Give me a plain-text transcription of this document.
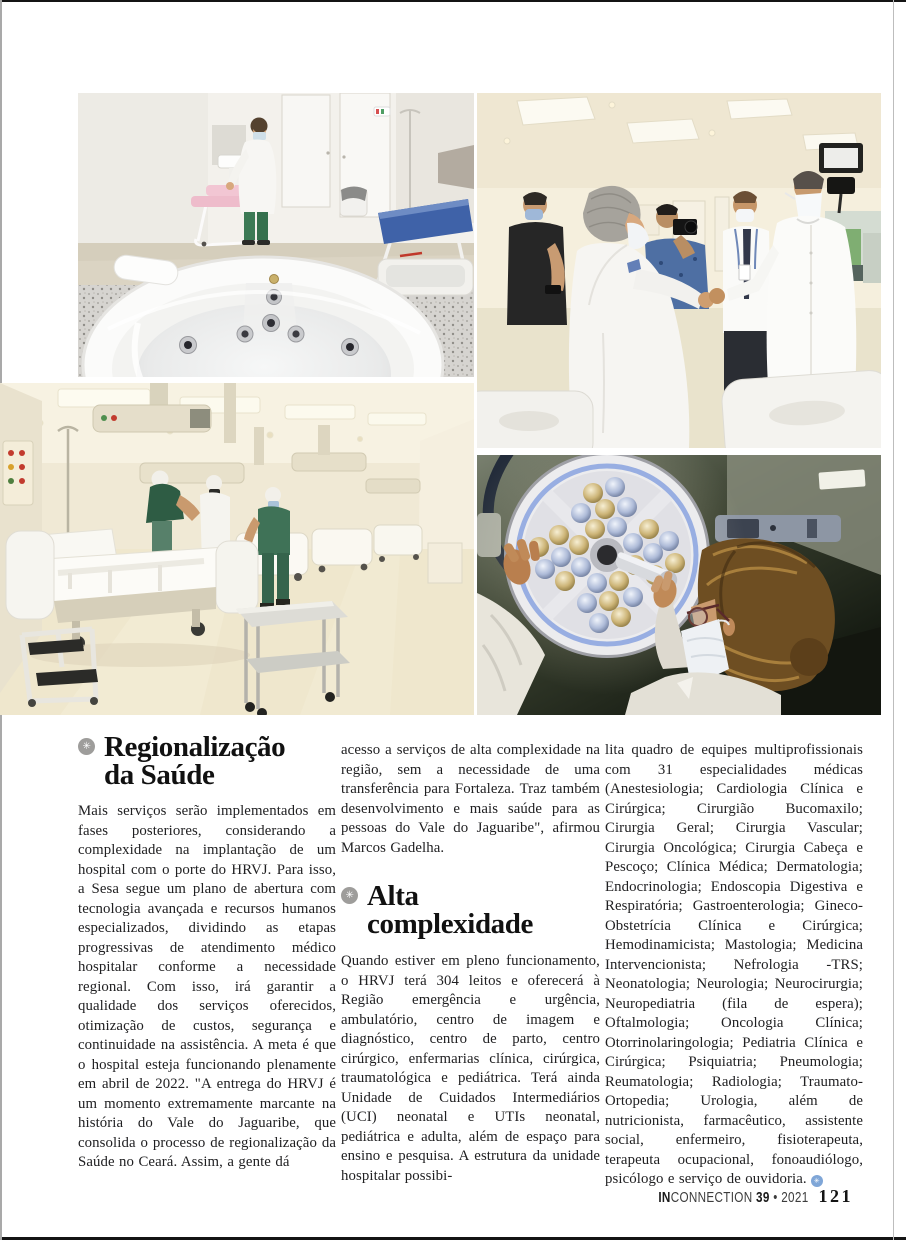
✳ Regionalização
da Saúde

Mais serviços serão implementados em fases posteriores, considerando a complexidade na implantação de um hospital com o porte do HRVJ. Para isso, a Sesa segue um plano de abertura com tecnologia avançada e recursos humanos especializados, dividindo as etapas progressivas de atendimento médico hospitalar conforme a necessidade regional. Com isso, irá garantir a qualidade dos serviços oferecidos, otimização de custos, segurança e continuidade na assistência. A meta é que o hospital esteja funcionando plenamente em abril de 2022. "A entrega do HRVJ é um momento extremamente marcante na história do Vale do Jaguaribe, que consolida o processo de regionalização da Saúde no Ceará. Assim, a gente dá

acesso a serviços de alta complexidade na região, sem a necessidade de uma transferência para Fortaleza. Traz também desenvolvimento e mais saúde para as pessoas do Vale do Jaguaribe", afirmou Marcos Gadelha.

✳ Alta
complexidade

Quando estiver em pleno funcionamento, o HRVJ terá 304 leitos e oferecerá à Região emergência e urgência, ambulatório, centro de imagem e diagnóstico, centro de parto, centro cirúrgico, enfermarias clínica, cirúrgica, traumatológica e pediátrica. Terá ainda Unidade de Cuidados Intermediários (UCI) neonatal e UTIs neonatal, pediátrica e adulta, além de espaço para ensino e pesquisa. A estrutura da unidade hospitalar possibi-

lita quadro de equipes multiprofissionais com 31 especialidades médicas (Anestesiologia; Cardiologia Clínica e Cirúrgica; Cirurgião Bucomaxilo; Cirurgia Geral; Cirurgia Vascular; Cirurgia Oncológica; Cirurgia Cabeça e Pescoço; Clínica Médica; Dermatologia; Endocrinologia; Endoscopia Digestiva e Respiratória; Gastroenterologia; Gineco-Obstetrícia Clínica e Cirúrgica; Hemodinamicista; Mastologia; Medicina Intervencionista; Nefrologia -TRS; Neonatologia; Neurologia; Neurocirurgia; Neuropediatria (fila de espera); Oftalmologia; Oncologia Clínica; Otorrinolaringologia; Pediatria Clínica e Cirúrgica; Psiquiatria; Pneumologia; Reumatologia; Radiologia; Traumato-Ortopedia; Urologia, além de nutricionista, farmacêutico, assistente social, enfermeiro, fisioterapeuta, terapeuta ocupacional, fonoaudiólogo, psicólogo e serviço de ouvidoria. ✳

INCONNECTION 39 • 2021 121
